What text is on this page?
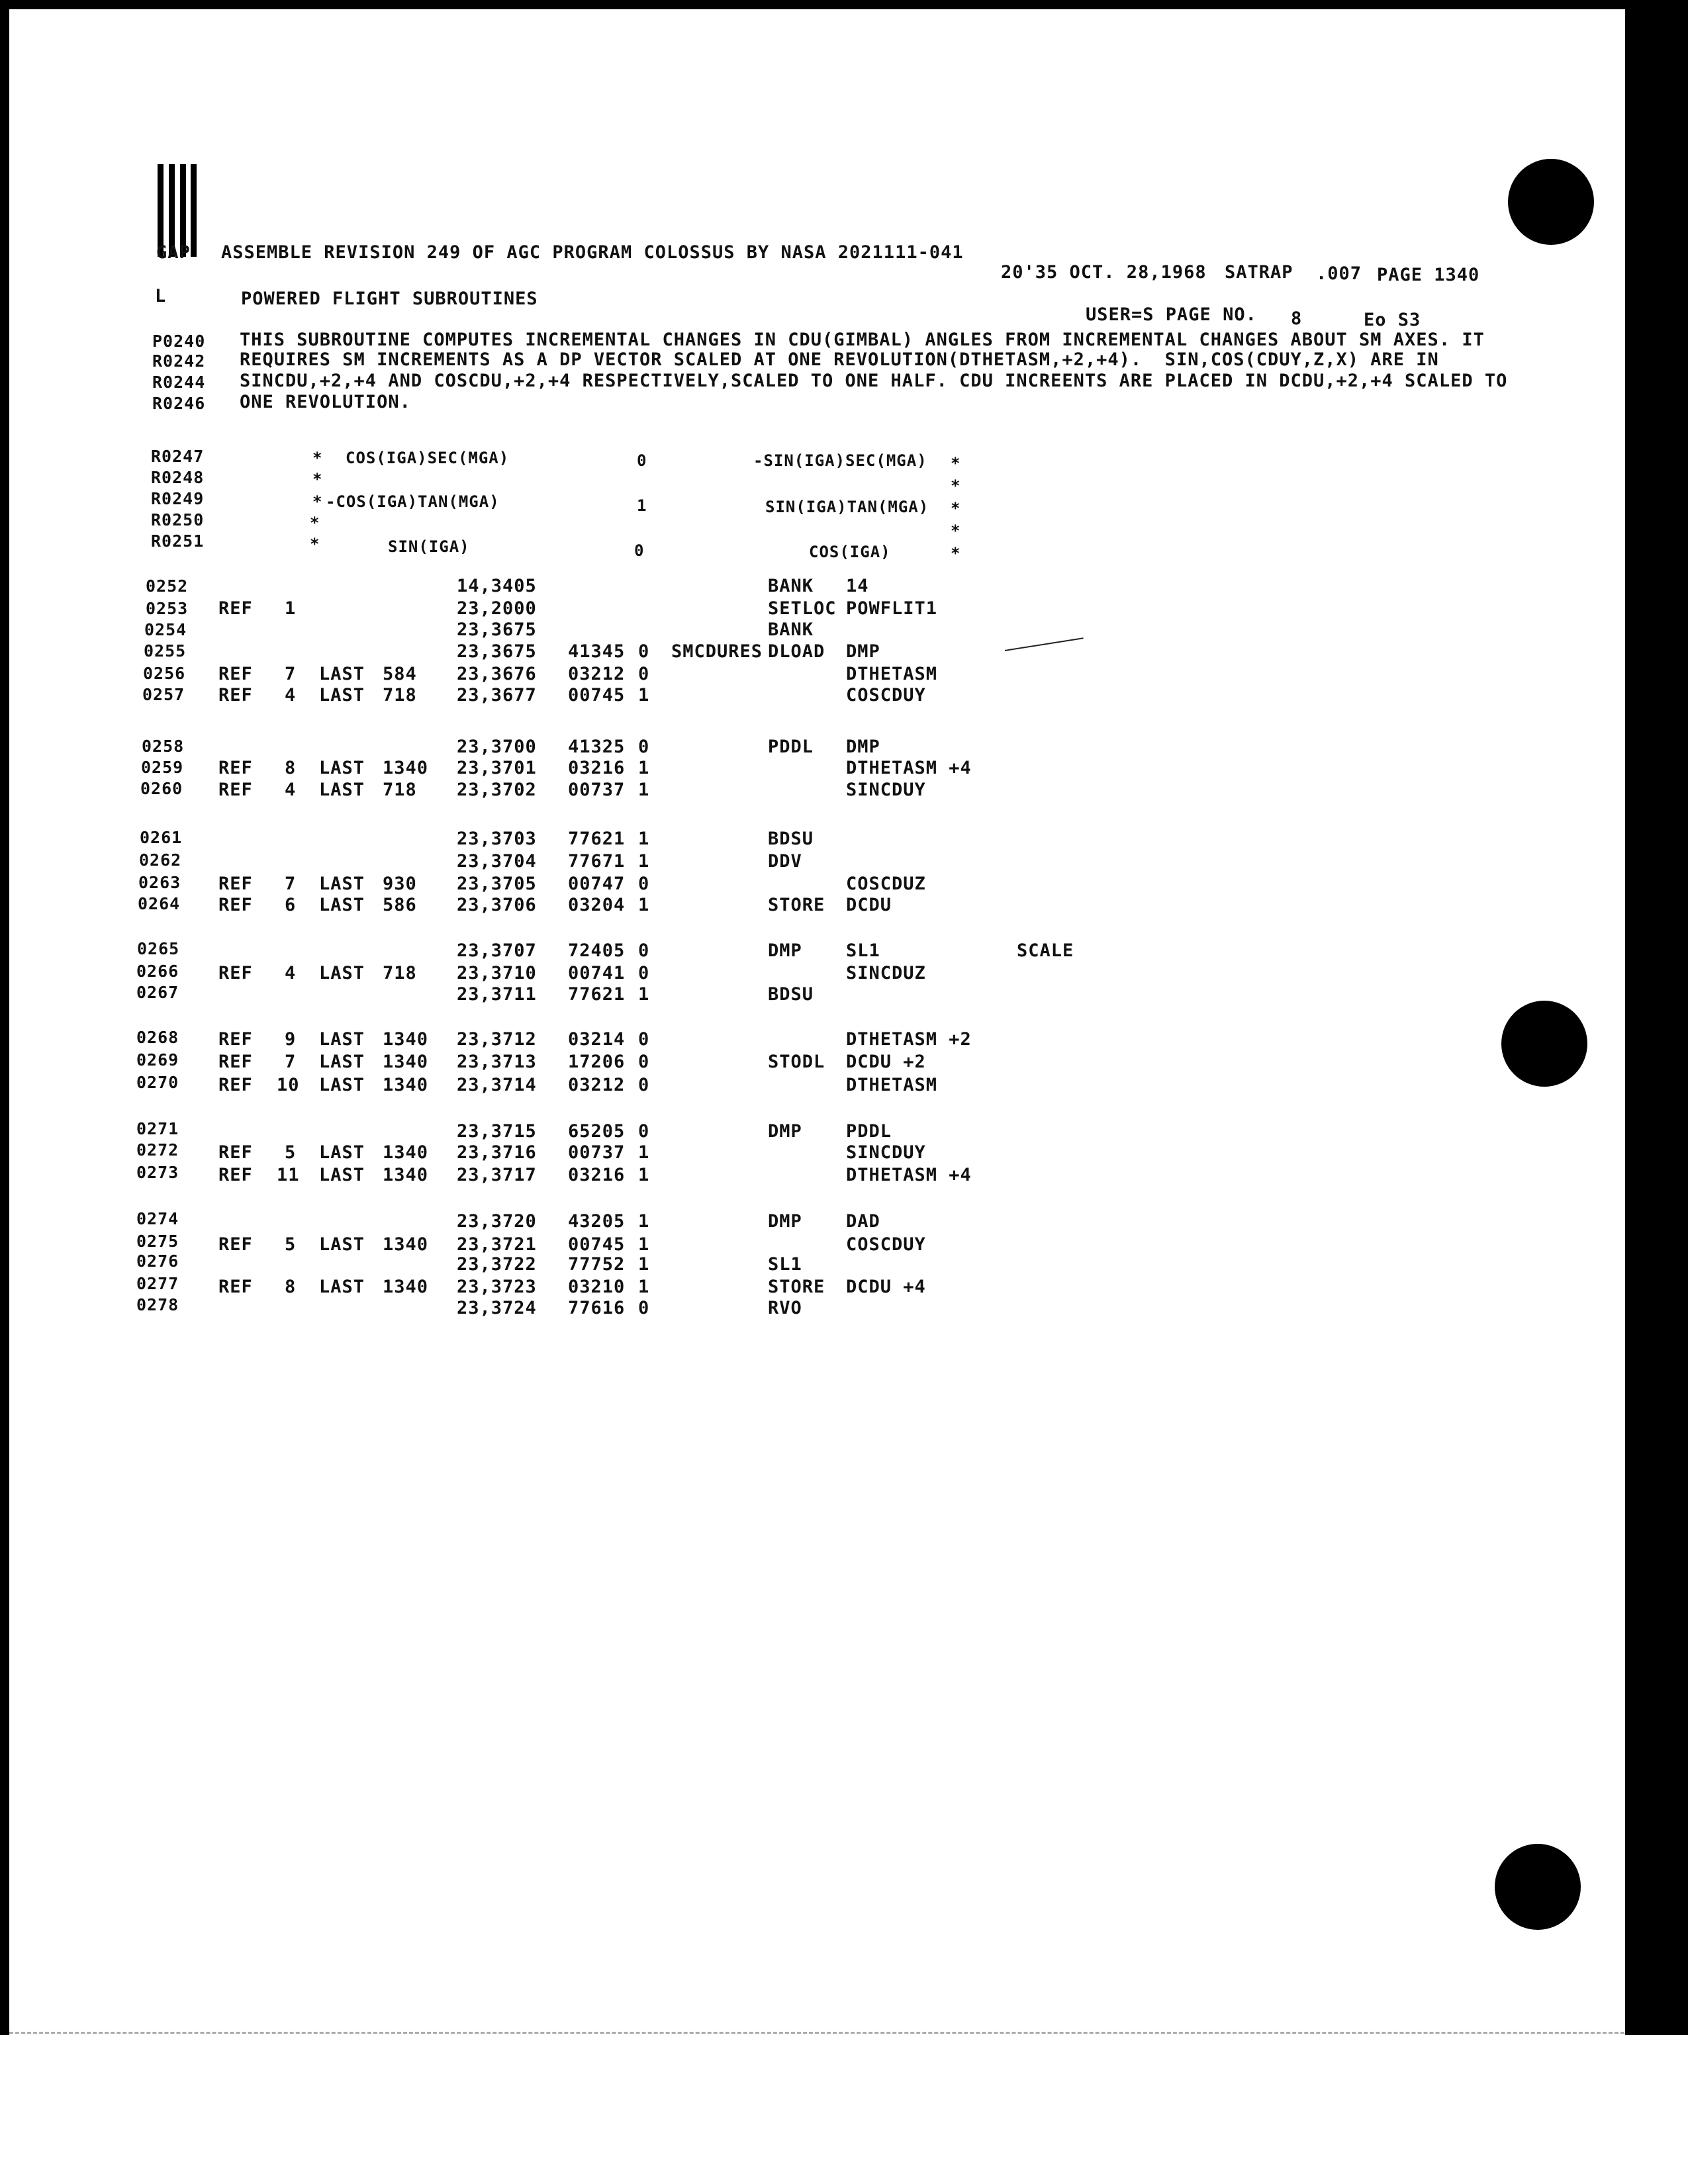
GAP ASSEMBLE REVISION 249 OF AGC PROGRAM COLOSSUS BY NASA 2021111-041
20'35 OCT. 28,1968 SATRAP .007 PAGE 1340
L	POWERED FLIGHT SUBROUTINES
USER=S PAGE NO. 8	Eo S3
P0240 THIS SUBROUTINE COMPUTES INCREMENTAL CHANGES IN CDU(GIMBAL) ANGLES FROM INCREMENTAL CHANGES ABOUT SM AXES. IT
R0242 REQUIRES SM INCREMENTS AS A DP VECTOR SCALED AT ONE REVOLUTION(DTHETASM,+2,+4).  SIN,COS(CDUY,Z,X) ARE IN
R0244 SINCDU,+2,+4 AND COSCDU,+2,+4 RESPECTIVELY,SCALED TO ONE HALF. CDU INCREENTS ARE PLACED IN DCDU,+2,+4 SCALED TO
R0246 ONE REVOLUTION.
R0247	* COS(IGA)SEC(MGA)	0	-SIN(IGA)SEC(MGA) *
R0248	*	*
R0249	* -COS(IGA)TAN(MGA)	1	SIN(IGA)TAN(MGA) *
R0250	*	*
R0251	*	SIN(IGA)	0	COS(IGA)	*
0252	14,3405	BANK 14
0253 REF 1	23,2000	SETLOC POWFLIT1
0254	23,3675	BANK
0255	23,3675 41345 0 SMCDURES DLOAD DMP
0256 REF 7 LAST 584 23,3676 03212 0	DTHETASM
0257 REF 4 LAST 718 23,3677 00745 1	COSCDUY
0258	23,3700 41325 0	PDDL DMP
0259 REF 8 LAST 1340 23,3701 03216 1	DTHETASM +4
0260 REF 4 LAST 718 23,3702 00737 1	SINCDUY
0261	23,3703 77621 1	BDSU
0262	23,3704 77671 1	DDV
0263 REF 7 LAST 930 23,3705 00747 0	COSCDUZ
0264 REF 6 LAST 586 23,3706 03204 1	STORE DCDU
0265	23,3707 72405 0	DMP SL1	SCALE
0266 REF 4 LAST 718 23,3710 00741 0	SINCDUZ
0267	23,3711 77621 1	BDSU
0268 REF 9 LAST 1340 23,3712 03214 0	DTHETASM +2
0269 REF 7 LAST 1340 23,3713 17206 0	STODL DCDU +2
0270 REF 10 LAST 1340 23,3714 03212 0	DTHETASM
0271	23,3715 65205 0	DMP PDDL
0272 REF 5 LAST 1340 23,3716 00737 1	SINCDUY
0273 REF 11 LAST 1340 23,3717 03216 1	DTHETASM +4
0274	23,3720 43205 1	DMP DAD
0275 REF 5 LAST 1340 23,3721 00745 1	COSCDUY
0276	23,3722 77752 1	SL1
0277 REF 8 LAST 1340 23,3723 03210 1	STORE DCDU +4
0278	23,3724 77616 0	RVO
